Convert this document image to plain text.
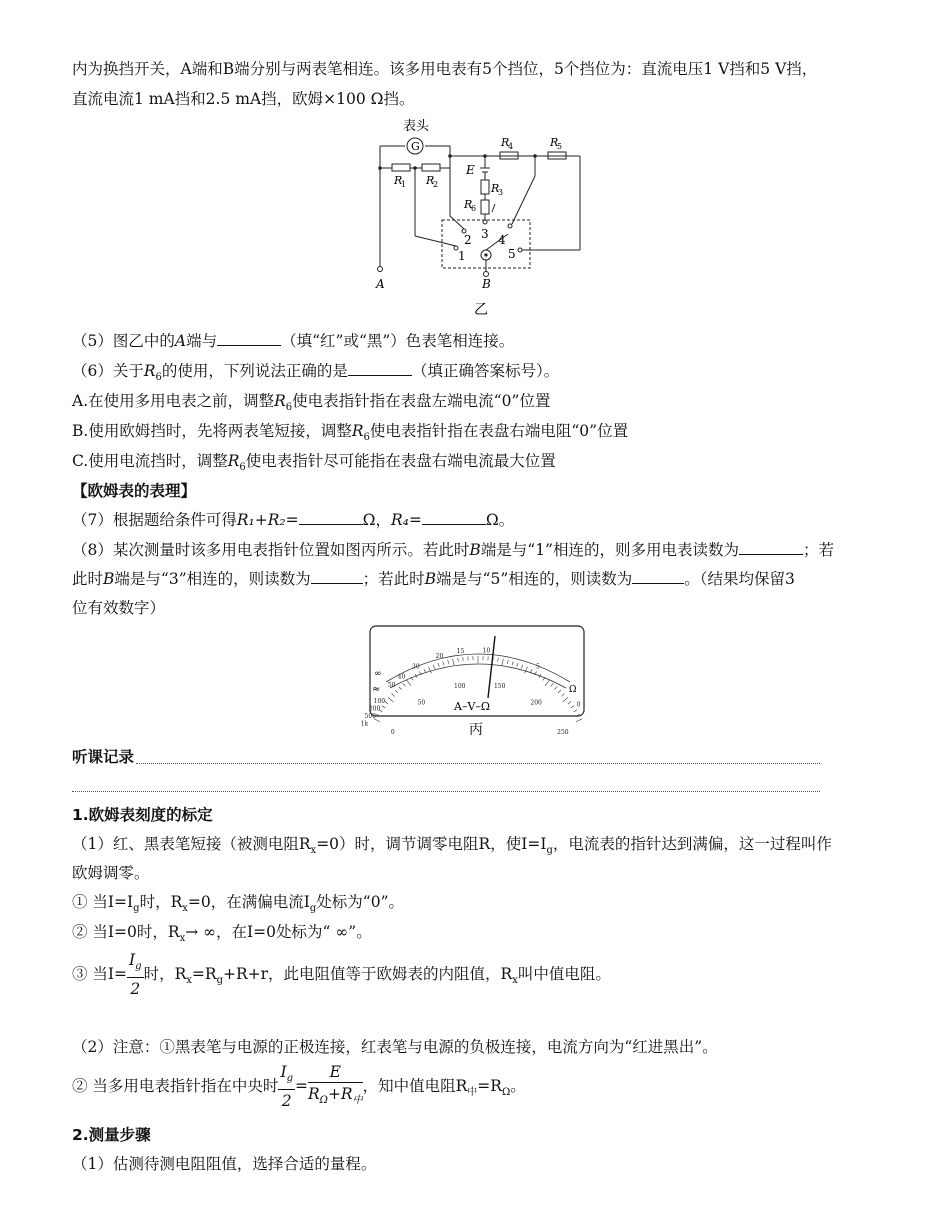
内为换挡开关，A端和B端分别与两表笔相连。该多用电表有5个挡位，5个挡位为：直流电压1 V挡和5 V挡，
直流电流1 mA挡和2.5 mA挡，欧姆×100 Ω挡。
表头
G
R
1 R
2
R
4	R
5
E
R
3
R
6
2 3 4
1	5
A	B
乙
（5）图乙中的A端与	（填“红”或“黑”）色表笔相连接。
（6）关于$R_6$的使用，下列说法正确的是	（填正确答案标号）。
A.在使用多用电表之前，调整$R_6$使电表指针指在表盘左端电流“0”位置
B.使用欧姆挡时，先将两表笔短接，调整$R_6$使电表指针指在表盘右端电阻“0”位置
C.使用电流挡时，调整$R_6$使电表指针尽可能指在表盘右端电流最大位置
【欧姆表的表理】
（7）根据题给条件可得R₁+R₂=	Ω，R₄=	Ω。
（8）某次测量时该多用电表指针位置如图丙所示。若此时B端是与“1”相连的，则多用电表读数为	；若
此时B端是与“3”相连的，则读数为	；若此时B端是与“5”相连的，则读数为	。（结果均保留3
位有效数字）
≈
∞
Ω
A–V–Ω
1k
500
200
100
50
40
30
20
15	10
5
0
0
50
100	150
200
250
丙
听课记录
1.欧姆表刻度的标定
（1）红、黑表笔短接（被测电阻$R_x=0$）时，调节调零电阻R，使$I=I_g$，电流表的指针达到满偏，这一过程叫作
欧姆调零。
① 当$I=I_g$时，$R_x=0$，在满偏电流$I_g$处标为“0”。
② 当I=0时，$R_x\to$ ∞，在I=0处标为“ ∞”。
③ 当$I= \frac{I_g}{2}$ 时，$R_x=R_g+R+r$，此电阻值等于欧姆表的内阻值，$R_x$叫中值电阻。
（2）注意：①黑表笔与电源的正极连接，红表笔与电源的负极连接，电流方向为“红进黑出”。
② 当多用电表指针指在中央时 $\frac{I_g}{2} = \frac{E}{R_\Omega+R_中}$ ，知中值电阻$R_中=R_\Omega$。
2.测量步骤
（1）估测待测电阻阻值，选择合适的量程。
